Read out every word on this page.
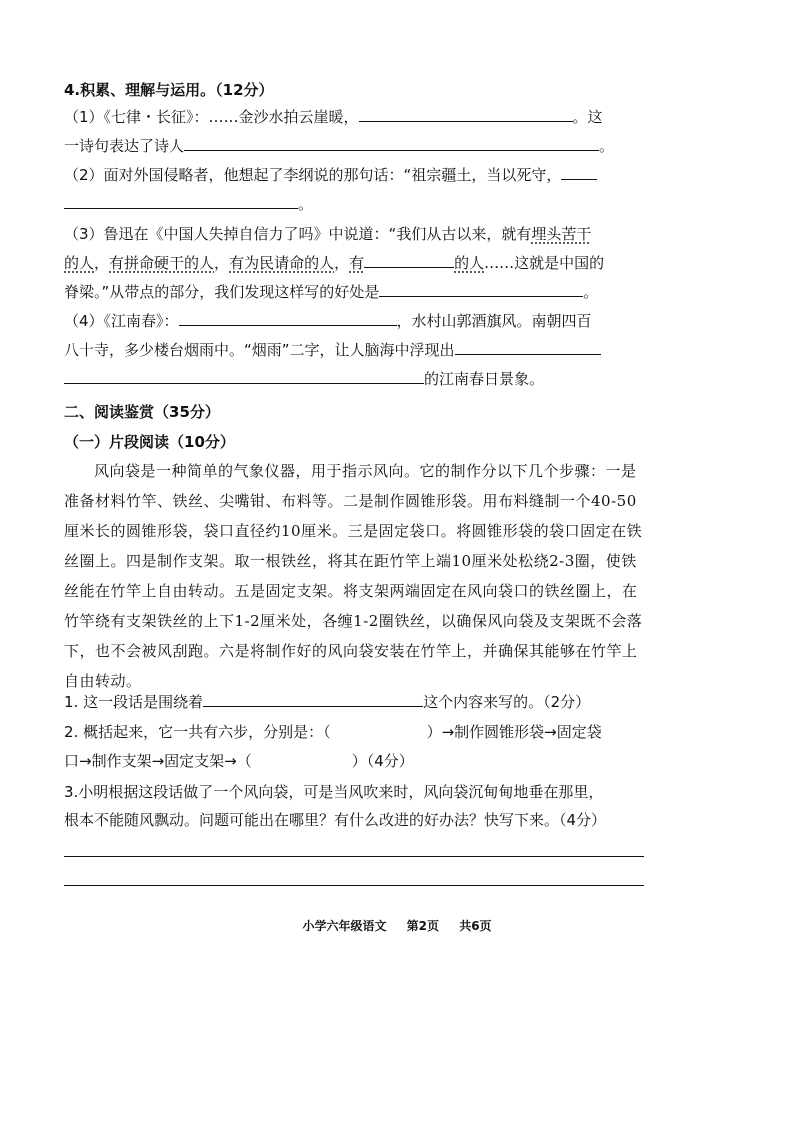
4.积累、理解与运用。（12分）
（1）《七律・长征》：……金沙水拍云崖暖，	。这
一诗句表达了诗人	。
（2）面对外国侵略者，他想起了李纲说的那句话：“祖宗疆土，当以死守，
。
（3）鲁迅在《中国人失掉自信力了吗》中说道：“我们从古以来，就有埋头苦干
的人，有拼命硬干的人，有为民请命的人，有	的人……这就是中国的
脊梁。”从带点的部分，我们发现这样写的好处是	。
（4）《江南春》：	，水村山郭酒旗风。南朝四百
八十寺，多少楼台烟雨中。“烟雨”二字，让人脑海中浮现出
的江南春日景象。
二、阅读鉴赏（35分）
（一）片段阅读（10分）

风向袋是一种简单的气象仪器，用于指示风向。它的制作分以下几个步骤：一是准备材料竹竿、铁丝、尖嘴钳、布料等。二是制作圆锥形袋。用布料缝制一个40-50厘米长的圆锥形袋，袋口直径约10厘米。三是固定袋口。将圆锥形袋的袋口固定在铁丝圈上。四是制作支架。取一根铁丝，将其在距竹竿上端10厘米处松绕2-3圈，使铁丝能在竹竿上自由转动。五是固定支架。将支架两端固定在风向袋口的铁丝圈上，在竹竿绕有支架铁丝的上下1-2厘米处，各缠1-2圈铁丝，以确保风向袋及支架既不会落下，也不会被风刮跑。六是将制作好的风向袋安装在竹竿上，并确保其能够在竹竿上自由转动。

1. 这一段话是围绕着	这个内容来写的。（2分）
2. 概括起来，它一共有六步，分别是：（	）→制作圆锥形袋→固定袋
口→制作支架→固定支架→（	）（4分）
3.小明根据这段话做了一个风向袋，可是当风吹来时，风向袋沉甸甸地垂在那里，
根本不能随风飘动。问题可能出在哪里？有什么改进的好办法？快写下来。（4分）
小学六年级语文 第2页 共6页
